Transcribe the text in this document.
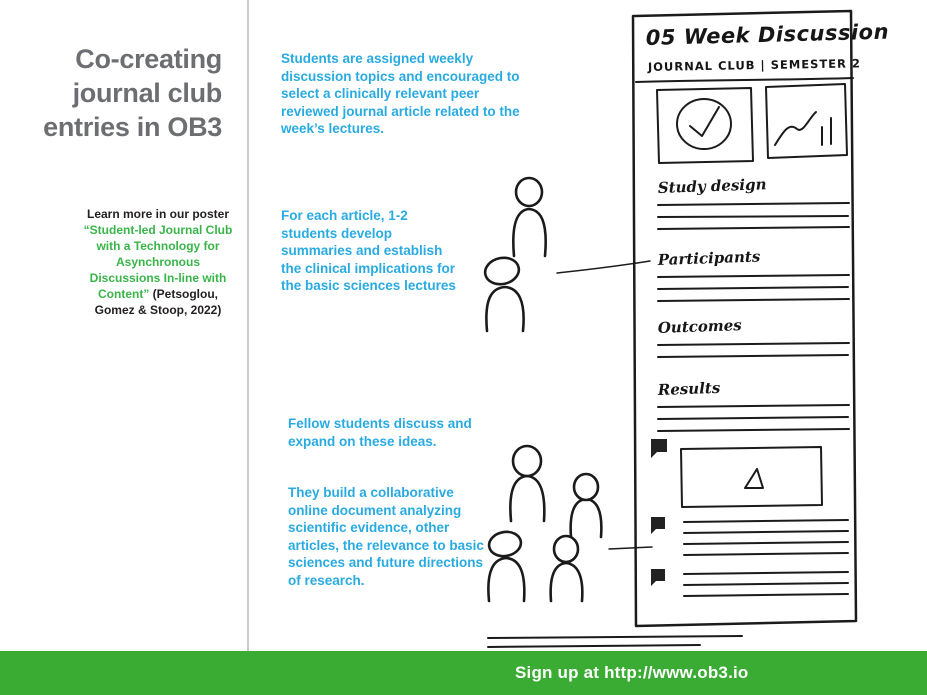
Co-creating journal club entries in OB3

Learn more in our poster “Student-led Journal Club with a Technology for Asynchronous Discussions In-line with Content” (Petsoglou, Gomez & Stoop, 2022)

Students are assigned weekly discussion topics and encouraged to select a clinically relevant peer reviewed journal article related to the week’s lectures.

For each article, 1-2 students develop summaries and establish the clinical implications for the basic sciences lectures

Fellow students discuss and expand on these ideas.

They build a collaborative online document analyzing scientific evidence, other articles, the relevance to basic sciences and future directions of research.

05 Week Discussion
JOURNAL CLUB | SEMESTER 2
Study design
Participants
Outcomes
Results
Sign up at http://www.ob3.io
